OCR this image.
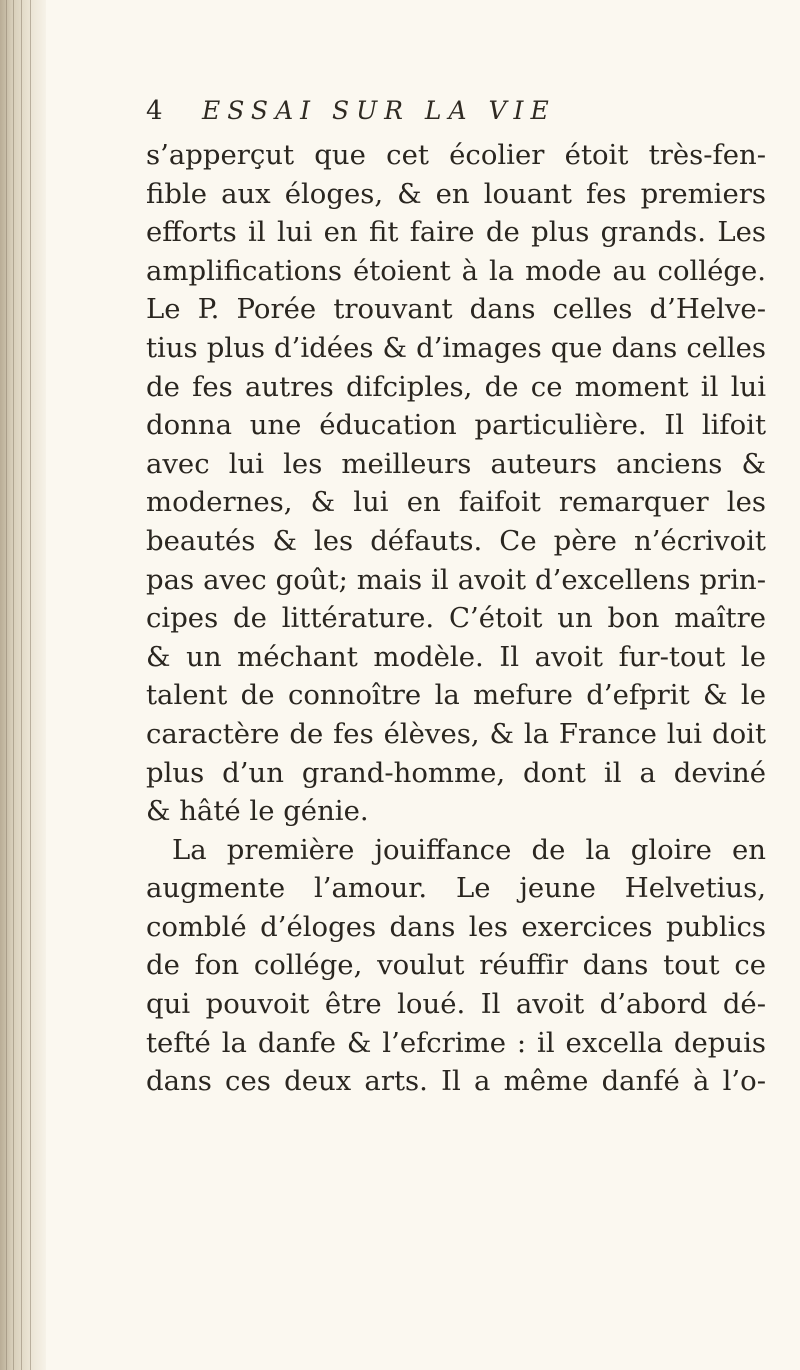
4	ESSAI SUR LA VIE

s’apperçut que cet écolier étoit très-fen-

fible aux éloges, & en louant fes premiers

efforts il lui en fit faire de plus grands. Les

amplifications étoient à la mode au collége.

Le P. Porée trouvant dans celles d’Helve-

tius plus d’idées & d’images que dans celles

de fes autres difciples, de ce moment il lui

donna une éducation particulière. Il lifoit

avec lui les meilleurs auteurs anciens &

modernes, & lui en faifoit remarquer les

beautés & les défauts. Ce père n’écrivoit

pas avec goût; mais il avoit d’excellens prin-

cipes de littérature. C’étoit un bon maître

& un méchant modèle. Il avoit fur-tout le

talent de connoître la mefure d’efprit & le

caractère de fes élèves, & la France lui doit

plus d’un grand-homme, dont il a deviné

& hâté le génie.

La première jouiffance de la gloire en

augmente l’amour. Le jeune Helvetius,

comblé d’éloges dans les exercices publics

de fon collége, voulut réuffir dans tout ce

qui pouvoit être loué. Il avoit d’abord dé-

tefté la danfe & l’efcrime : il excella depuis

dans ces deux arts. Il a même danfé à l’o-
